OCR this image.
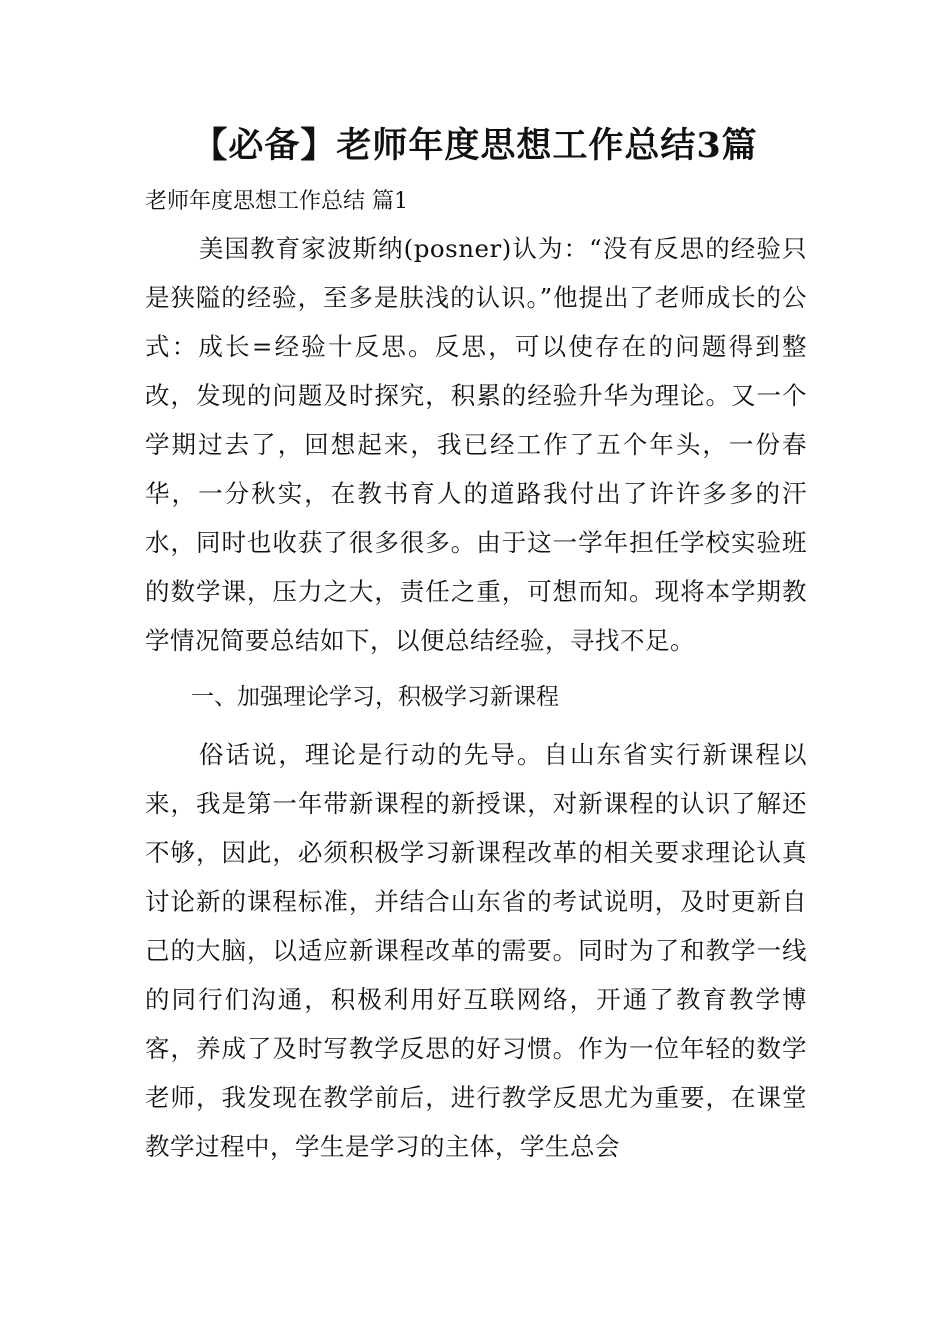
【必备】老师年度思想工作总结3篇

老师年度思想工作总结 篇1

美国教育家波斯纳(posner)认为：“没有反思的经验只是狭隘的经验，至多是肤浅的认识。”他提出了老师成长的公式：成长=经验十反思。反思，可以使存在的问题得到整改，发现的问题及时探究，积累的经验升华为理论。又一个学期过去了，回想起来，我已经工作了五个年头，一份春华，一分秋实，在教书育人的道路我付出了许许多多的汗水，同时也收获了很多很多。由于这一学年担任学校实验班的数学课，压力之大，责任之重，可想而知。现将本学期教学情况简要总结如下，以便总结经验，寻找不足。

一、加强理论学习，积极学习新课程

俗话说，理论是行动的先导。自山东省实行新课程以来，我是第一年带新课程的新授课，对新课程的认识了解还不够，因此，必须积极学习新课程改革的相关要求理论认真讨论新的课程标准，并结合山东省的考试说明，及时更新自己的大脑，以适应新课程改革的需要。同时为了和教学一线的同行们沟通，积极利用好互联网络，开通了教育教学博客，养成了及时写教学反思的好习惯。作为一位年轻的数学老师，我发现在教学前后，进行教学反思尤为重要，在课堂教学过程中，学生是学习的主体，学生总会
